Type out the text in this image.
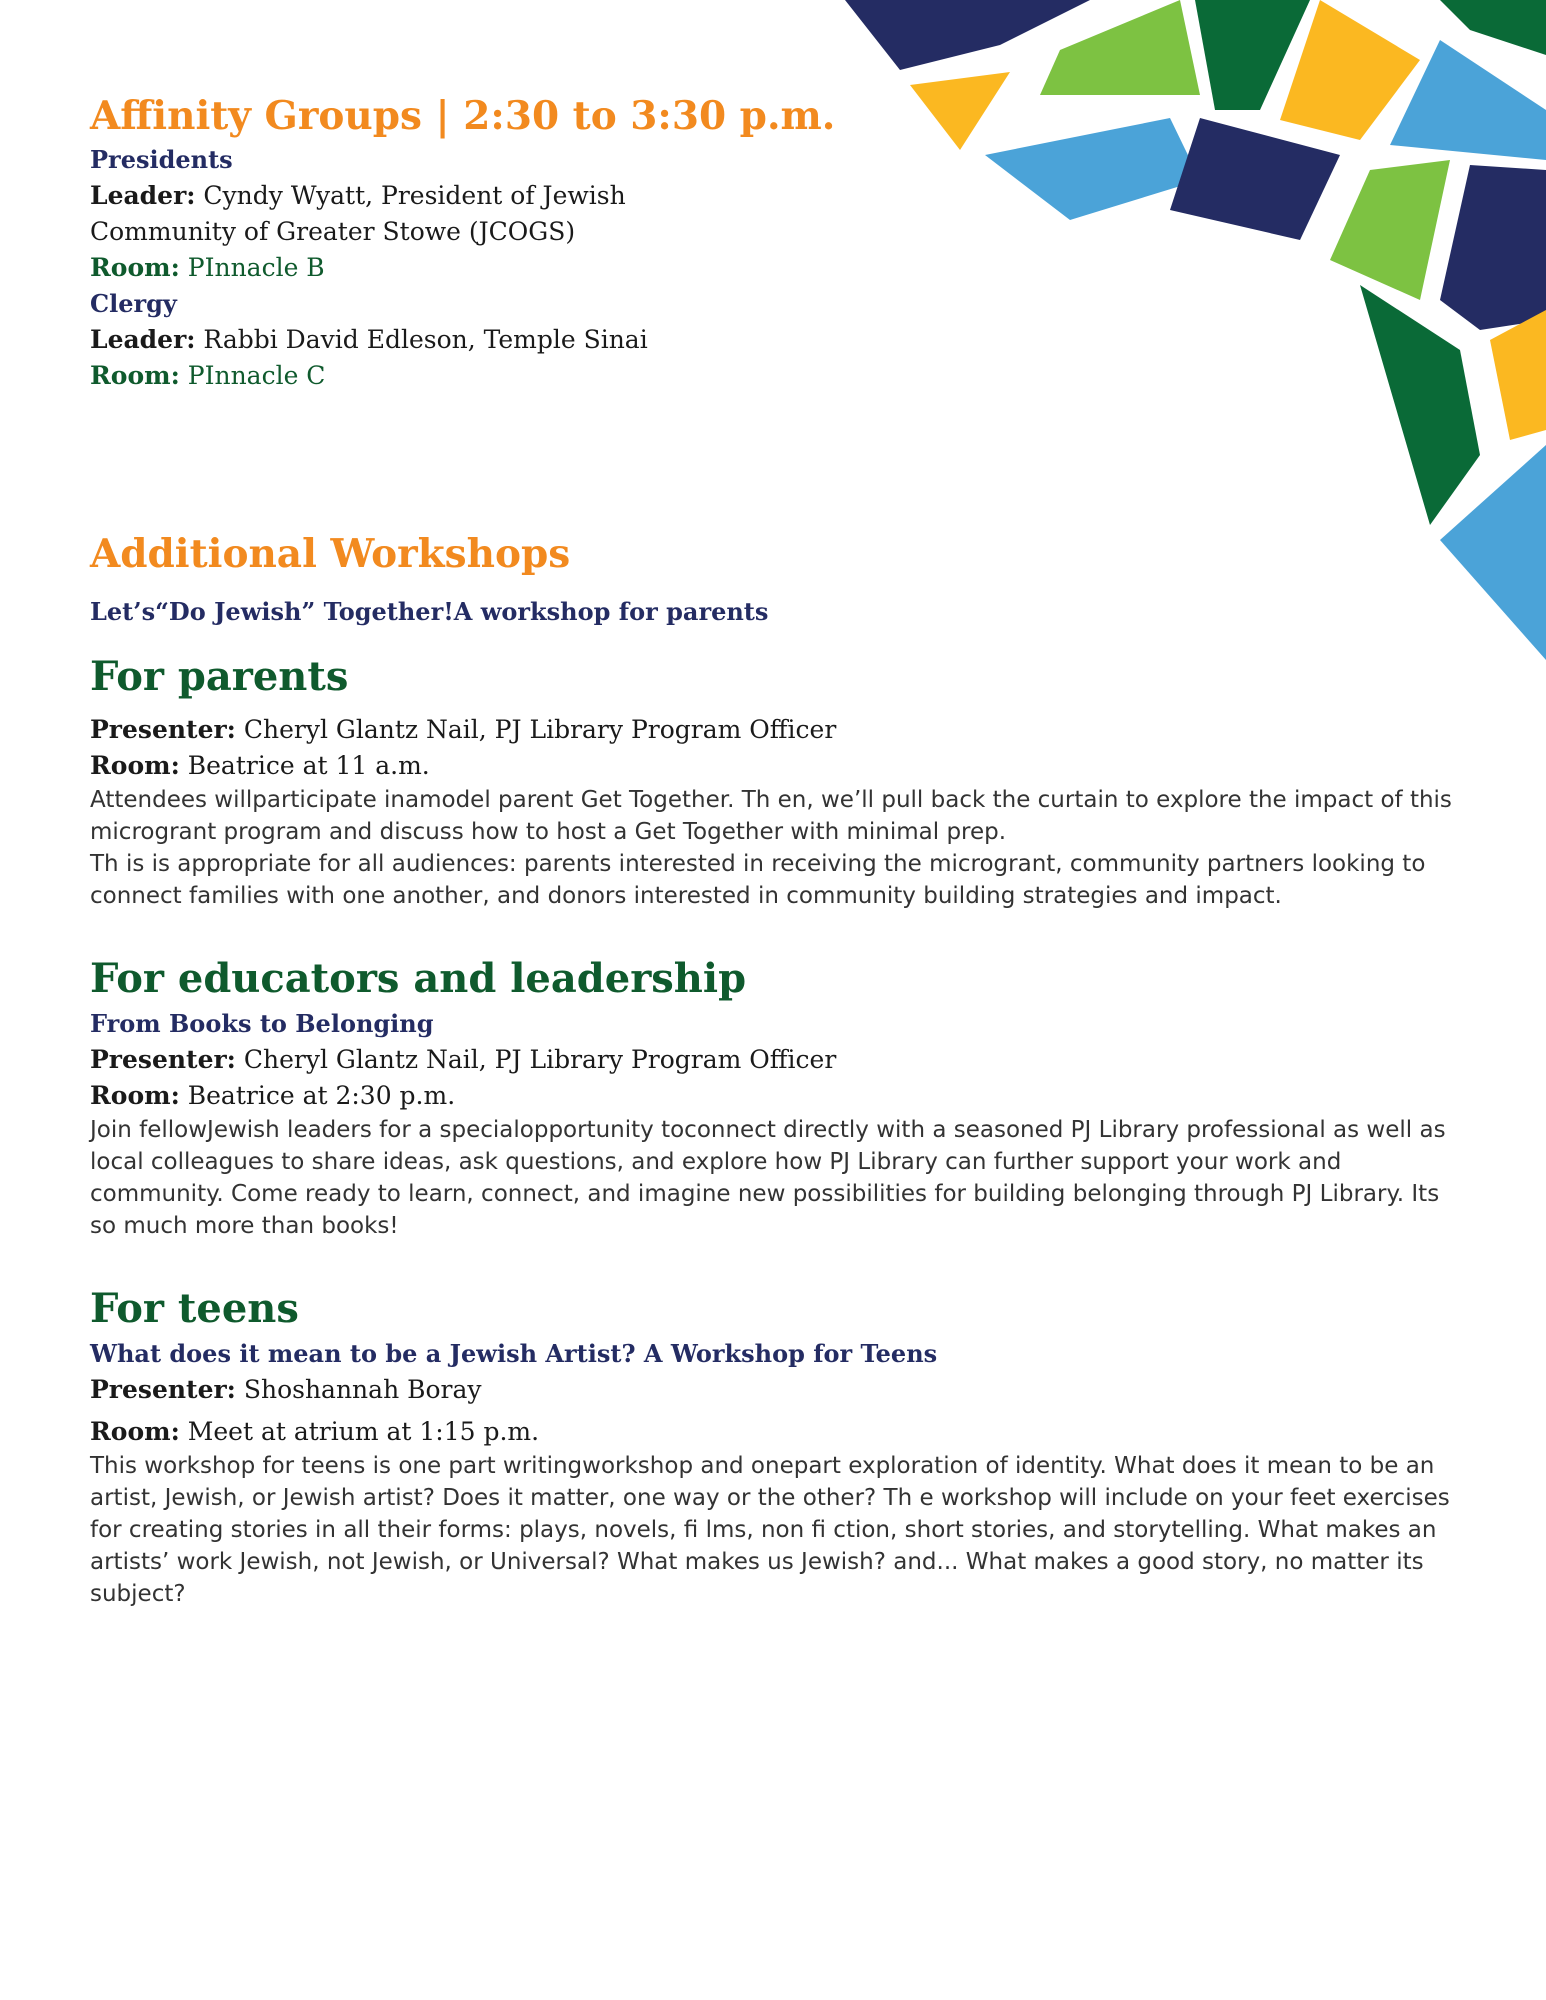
Affinity Groups | 2:30 to 3:30 p.m.
Presidents
Leader: Cyndy Wyatt, President of Jewish
Community of Greater Stowe (JCOGS)
Room: PInnacle B
Clergy
Leader: Rabbi David Edleson, Temple Sinai
Room: PInnacle C
Additional Workshops
Let’s“Do Jewish” Together!A workshop for parents
For parents
Presenter: Cheryl Glantz Nail, PJ Library Program Officer
Room: Beatrice at 11 a.m.

Attendees willparticipate inamodel parent Get Together. Th en, we’ll pull back the curtain to explore the impact of this microgrant program and discuss how to host a Get Together with minimal prep.

Th is is appropriate for all audiences: parents interested in receiving the microgrant, community partners looking to connect families with one another, and donors interested in community building strategies and impact.

For educators and leadership
From Books to Belonging
Presenter: Cheryl Glantz Nail, PJ Library Program Officer
Room: Beatrice at 2:30 p.m.

Join fellowJewish leaders for a specialopportunity toconnect directly with a seasoned PJ Library professional as well as local colleagues to share ideas, ask questions, and explore how PJ Library can further support your work and community. Come ready to learn, connect, and imagine new possibilities for building belonging through PJ Library. Its so much more than books!

For teens
What does it mean to be a Jewish Artist? A Workshop for Teens
Presenter: Shoshannah Boray
Room: Meet at atrium at 1:15 p.m.

This workshop for teens is one part writingworkshop and onepart exploration of identity. What does it mean to be an artist, Jewish, or Jewish artist? Does it matter, one way or the other? Th e workshop will include on your feet exercises for creating stories in all their forms: plays, novels, fi lms, non fi ction, short stories, and storytelling. What makes an artists’ work Jewish, not Jewish, or Universal? What makes us Jewish? and... What makes a good story, no matter its subject?
